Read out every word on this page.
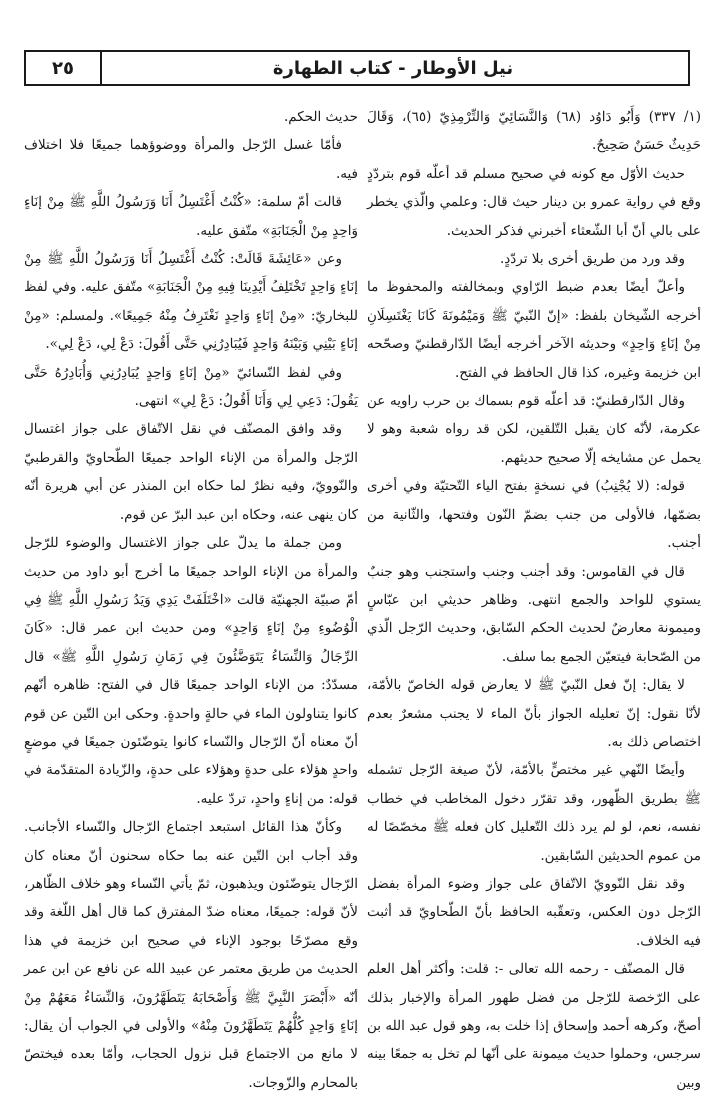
نيل الأوطار - كتاب الطهارة
٢٥

(١/ ٣٣٧) وَأَبُو دَاوُد (٦٨) وَالنَّسَائِيّ وَالتِّرْمِذِيّ (٦٥)، وَقَالَ حَدِيثٌ حَسَنٌ صَحِيحٌ.

حديث الأوّل مع كونه في صحيح مسلم قد أعلّه قوم بتردّدٍ وقع في رواية عمرو بن دينار حيث قال: وعلمي والّذي يخطر على بالي أنّ أبا الشّعثاء أخبرني فذكر الحديث.

وقد ورد من طريق أخرى بلا تردّدٍ.

وأعلّ أيضًا بعدم ضبط الرّاوي وبمخالفته والمحفوظ ما أخرجه الشّيخان بلفظ: «إنّ النّبيّ ﷺ وَمَيْمُونَةَ كَانَا يَغْتَسِلَانِ مِنْ إنَاءٍ وَاحِدٍ» وحديثه الآخر أخرجه أيضًا الدّارقطنيّ وصحّحه ابن خزيمة وغيره، كذا قال الحافظ في الفتح.

وقال الدّارقطنيّ: قد أعلّه قوم بسماك بن حرب راويه عن عكرمة، لأنّه كان يقبل التّلقين، لكن قد رواه شعبة وهو لا يحمل عن مشايخه إلّا صحيح حديثهم.

قوله: (لا يُجْنِبُ) في نسخةٍ بفتح الياء التّحتيّة وفي أخرى بضمّها، فالأولى من جنب بضمّ النّون وفتحها، والثّانية من أجنب.

قال في القاموس: وقد أجنب وجنب واستجنب وهو جنبٌ يستوي للواحد والجمع انتهى. وظاهر حديثي ابن عبّاسٍ وميمونة معارضٌ لحديث الحكم السّابق، وحديث الرّجل الّذي من الصّحابة فيتعيّن الجمع بما سلف.

لا يقال: إنّ فعل النّبيّ ﷺ لا يعارض قوله الخاصّ بالأمّة، لأنّا نقول: إنّ تعليله الجواز بأنّ الماء لا يجنب مشعرٌ بعدم اختصاص ذلك به.

وأيضًا النّهي غير مختصٍّ بالأمّة، لأنّ صيغة الرّجل تشمله ﷺ بطريق الظّهور، وقد تقرّر دخول المخاطب في خطاب نفسه، نعم، لو لم يرد ذلك التّعليل كان فعله ﷺ مخصّصًا له من عموم الحديثين السّابقين.

وقد نقل النّوويّ الاتّفاق على جواز وضوء المرأة بفضل الرّجل دون العكس، وتعقّبه الحافظ بأنّ الطّحاويّ قد أثبت فيه الخلاف.

قال المصنّف - رحمه الله تعالى -: قلت: وأكثر أهل العلم على الرّخصة للرّجل من فضل طهور المرأة والإخبار بذلك أصحّ، وكرهه أحمد وإسحاق إذا خلت به، وهو قول عبد الله بن سرجس، وحملوا حديث ميمونة على أنّها لم تخل به جمعًا بينه وبين

حديث الحكم.

فأمّا غسل الرّجل والمرأة ووضوؤهما جميعًا فلا اختلاف فيه.

قالت أمّ سلمة: «كُنْتُ أَغْتَسِلُ أَنَا وَرَسُولُ اللَّهِ ﷺ مِنْ إنَاءٍ وَاحِدٍ مِنْ الْجَنَابَةِ» متّفق عليه.

وعن «عَائِشَةَ قَالَتْ: كُنْتُ أَغْتَسِلُ أَنَا وَرَسُولُ اللَّهِ ﷺ مِنْ إنَاءٍ وَاحِدٍ تَخْتَلِفُ أَيْدِينَا فِيهِ مِنْ الْجَنَابَةِ» متّفق عليه. وفي لفظ للبخاريّ: «مِنْ إنَاءٍ وَاحِدٍ نَغْتَرِفُ مِنْهُ جَمِيعًا». ولمسلم: «مِنْ إنَاءٍ بَيْنِي وَبَيْنَهُ وَاحِدٍ فَيُبَادِرُنِي حَتَّى أَقُولَ: دَعْ لِي، دَعْ لِي».

وفي لفظ النّسائيّ «مِنْ إنَاءٍ وَاحِدٍ يُبَادِرُنِي وَأُبَادِرُهُ حَتَّى يَقُولَ: دَعِي لِي وَأَنَا أَقُولُ: دَعْ لِي» انتهى.

وقد وافق المصنّف في نقل الاتّفاق على جواز اغتسال الرّجل والمرأة من الإناء الواحد جميعًا الطّحاويّ والقرطبيّ والنّوويّ، وفيه نظرٌ لما حكاه ابن المنذر عن أبي هريرة أنّه كان ينهى عنه، وحكاه ابن عبد البرّ عن قوم.

ومن جملة ما يدلّ على جواز الاغتسال والوضوء للرّجل والمرأة من الإناء الواحد جميعًا ما أخرج أبو داود من حديث أمّ صبيّة الجهنيّة قالت «اخْتَلَفَتْ يَدِي وَيَدُ رَسُولِ اللَّهِ ﷺ فِي الْوُضُوءِ مِنْ إنَاءٍ وَاحِدٍ» ومن حديث ابن عمر قال: «كَانَ الرِّجَالُ وَالنِّسَاءُ يَتَوَضَّئُونَ فِي زَمَانِ رَسُولِ اللَّهِ ﷺ» قال مسدّدٌ: من الإناء الواحد جميعًا قال في الفتح: ظاهره أنّهم كانوا يتناولون الماء في حالةٍ واحدةٍ. وحكى ابن التّين عن قوم أنّ معناه أنّ الرّجال والنّساء كانوا يتوضّئون جميعًا في موضعٍ واحدٍ هؤلاء على حدةٍ وهؤلاء على حدةٍ، والزّيادة المتقدّمة في قوله: من إناءٍ واحدٍ، تردّ عليه.

وكأنّ هذا القائل استبعد اجتماع الرّجال والنّساء الأجانب. وقد أجاب ابن التّين عنه بما حكاه سحنون أنّ معناه كان الرّجال يتوضّئون ويذهبون، ثمّ يأتي النّساء وهو خلاف الظّاهر، لأنّ قوله: جميعًا، معناه ضدّ المفترق كما قال أهل اللّغة وقد وقع مصرّحًا بوجود الإناء في صحيح ابن خزيمة في هذا الحديث من طريق معتمر عن عبيد الله عن نافع عن ابن عمر أنّه «أَبْصَرَ النَّبِيَّ ﷺ وَأَصْحَابَهُ يَتَطَهَّرُونَ، وَالنِّسَاءُ مَعَهُمْ مِنْ إنَاءٍ وَاحِدٍ كُلُّهُمْ يَتَطَهَّرُونَ مِنْهُ» والأولى في الجواب أن يقال: لا مانع من الاجتماع قبل نزول الحجاب، وأمّا بعده فيختصّ بالمحارم والزّوجات.
